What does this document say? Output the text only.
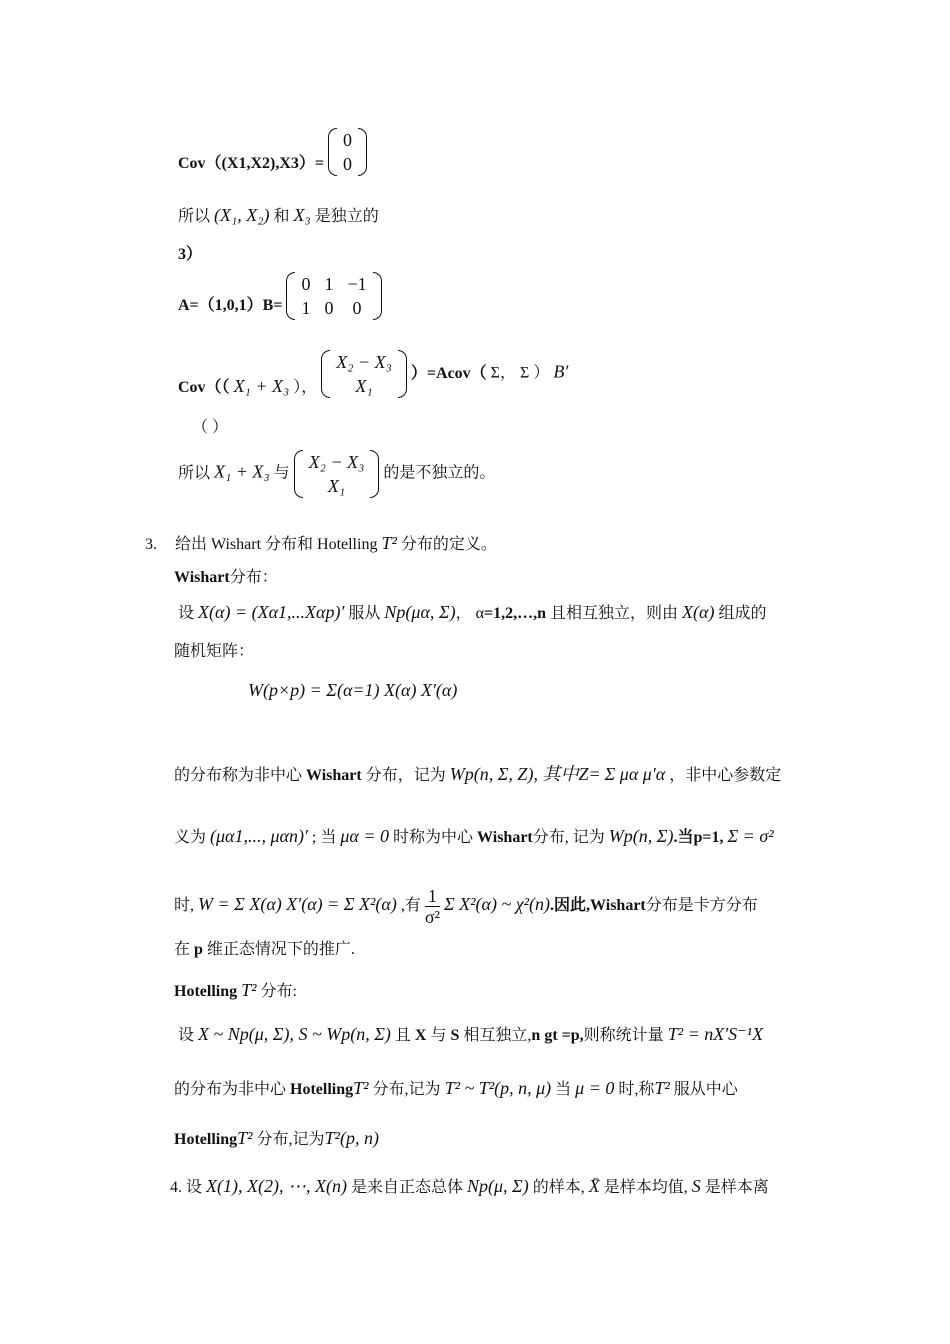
Cov（(X1,X2),X3）=
0
0
所以 (X₁, X₂) 和 X₃ 是独立的
3）
A=（1,0,1）B=
0	1	−1
1	0	0
Cov（（ X₁ + X₃ ），
X₂ − X₃
X₁
）=Acov（ Σ， Σ ） B′
（ ）
所以 X₁ + X₃ 与
X₂ − X₃
X₁
的是不独立的。
3. 给出 Wishart 分布和 Hotelling T² 分布的定义。
Wishart分布：
设 X(α) = (Xα1,...Xαp)′ 服从 Np(μα, Σ)， α=1,2,…,n 且相互独立，则由 X(α) 组成的
随机矩阵：
W(p×p) = Σ(α=1) X(α) X′(α)
的分布称为非中心 Wishart 分布，记为 Wp(n, Σ, Z), 其中Z= Σ μα μ′α ，非中心参数定
义为 (μα1,..., μαn)′ ; 当 μα = 0 时称为中心 Wishart分布, 记为 Wp(n, Σ).当p=1, Σ = σ²
时, W = Σ X(α) X′(α) = Σ X²(α) ,有 $\frac{1}{\text{σ²}}$ Σ X²(α) ~ χ²(n).因此,Wishart分布是卡方分布
在 p 维正态情况下的推广.
Hotelling T² 分布:
设 X ~ Np(μ, Σ), S ~ Wp(n, Σ) 且 X 与 S 相互独立,n gt =p,则称统计量 T² = nX′S⁻¹X
的分布为非中心 HotellingT² 分布,记为 T² ~ T²(p, n, μ) 当 μ = 0 时,称T² 服从中心
HotellingT² 分布,记为T²(p, n)
4. 设 X(1), X(2), ⋯, X(n) 是来自正态总体 Np(μ, Σ) 的样本, X̄ 是样本均值, S 是样本离
